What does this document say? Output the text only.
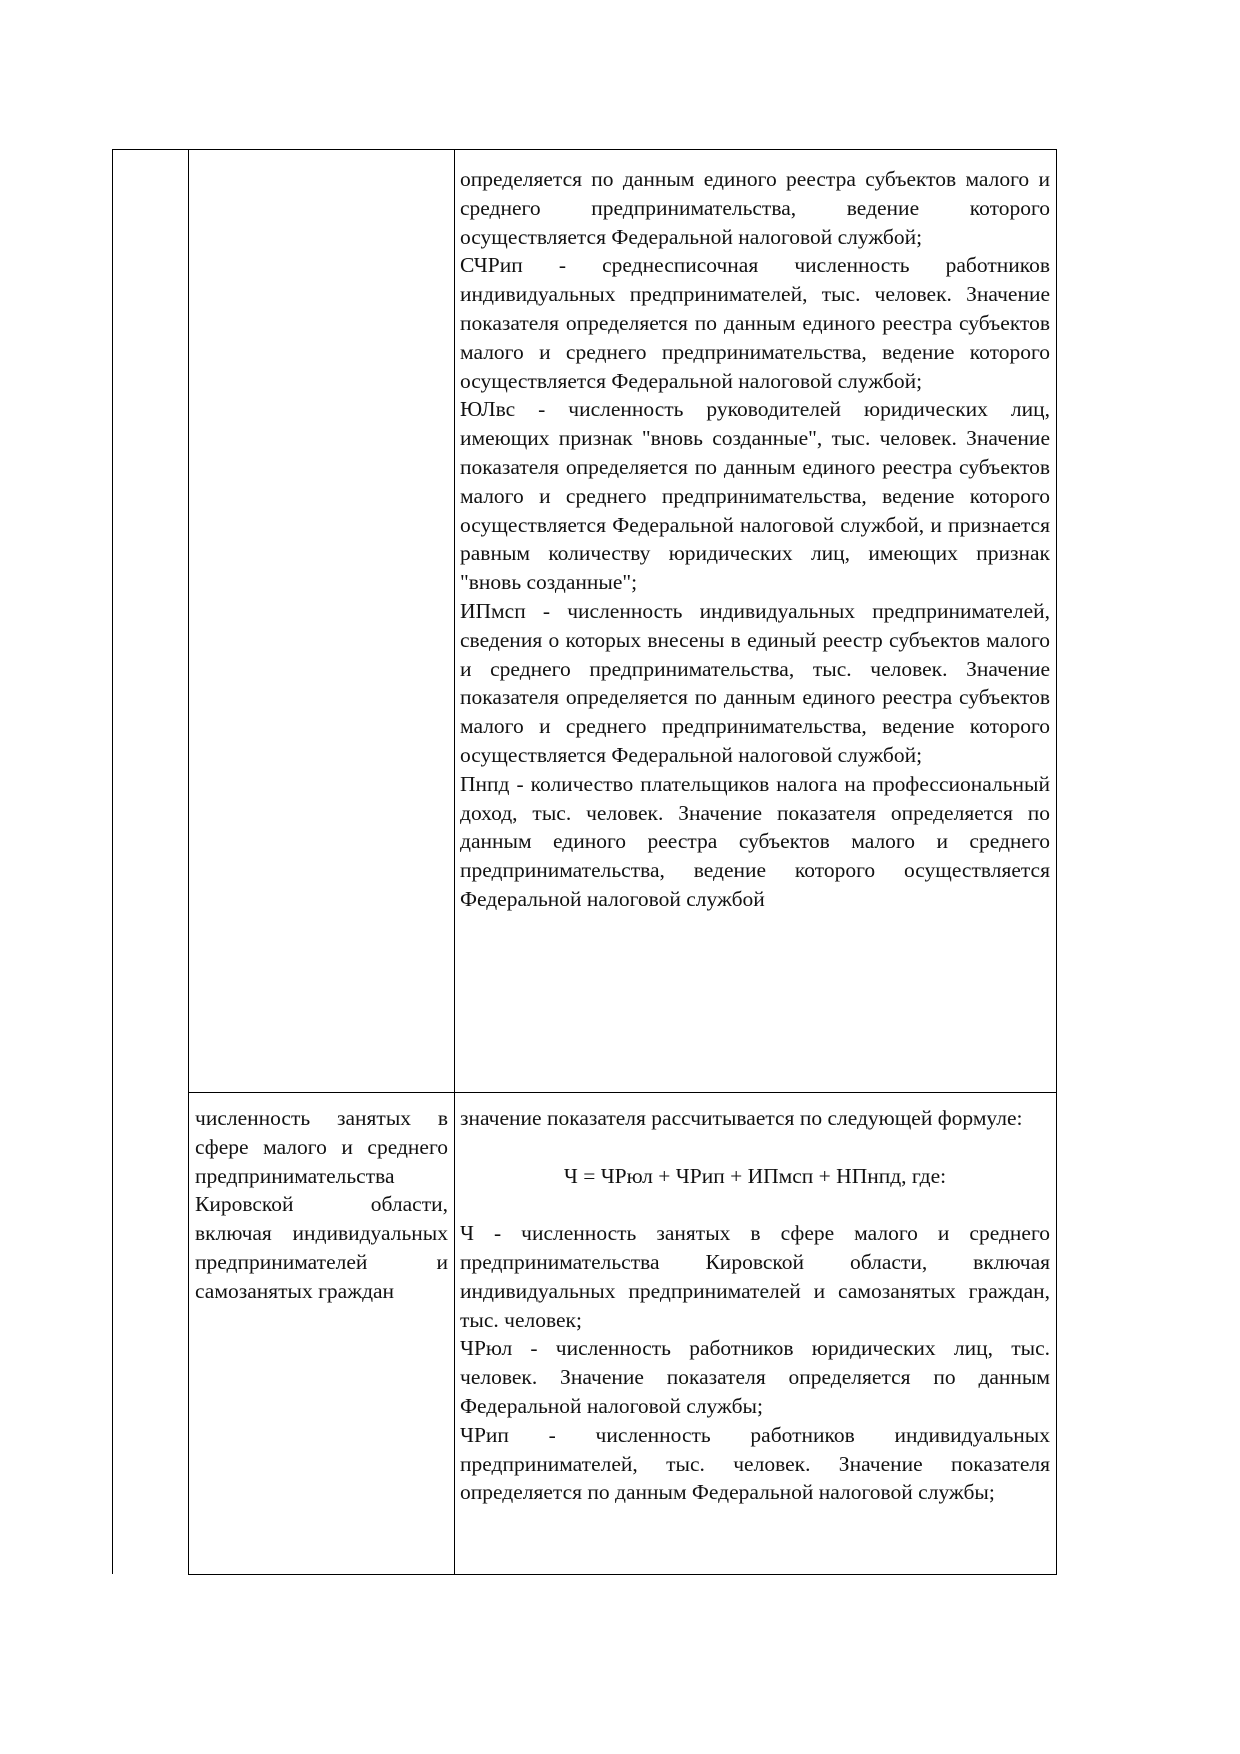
определяется по данным единого реестра субъектов малого и среднего предпринимательства, ведение которого осуществляется Федеральной налоговой службой;

СЧРип - среднесписочная численность работников индивидуальных предпринимателей, тыс. человек. Значение показателя определяется по данным единого реестра субъектов малого и среднего предпринимательства, ведение которого осуществляется Федеральной налоговой службой;

ЮЛвс - численность руководителей юридических лиц, имеющих признак "вновь созданные", тыс. человек. Значение показателя определяется по данным единого реестра субъектов малого и среднего предпринимательства, ведение которого осуществляется Федеральной налоговой службой, и признается равным количеству юридических лиц, имеющих признак "вновь созданные";

ИПмсп - численность индивидуальных предпринимателей, сведения о которых внесены в единый реестр субъектов малого и среднего предпринимательства, тыс. человек. Значение показателя определяется по данным единого реестра субъектов малого и среднего предпринимательства, ведение которого осуществляется Федеральной налоговой службой;

Пнпд - количество плательщиков налога на профессиональный доход, тыс. человек. Значение показателя определяется по данным единого реестра субъектов малого и среднего предпринимательства, ведение которого осуществляется Федеральной налоговой службой

численность занятых в сфере малого и среднего предпринимательства Кировской области, включая индивидуальных предпринимателей и самозанятых граждан

значение показателя рассчитывается по следующей формуле:

Ч = ЧРюл + ЧРип + ИПмсп + НПнпд, где:

Ч - численность занятых в сфере малого и среднего предпринимательства Кировской области, включая индивидуальных предпринимателей и самозанятых граждан, тыс. человек;

ЧРюл - численность работников юридических лиц, тыс. человек. Значение показателя определяется по данным Федеральной налоговой службы;

ЧРип - численность работников индивидуальных предпринимателей, тыс. человек. Значение показателя определяется по данным Федеральной налоговой службы;
